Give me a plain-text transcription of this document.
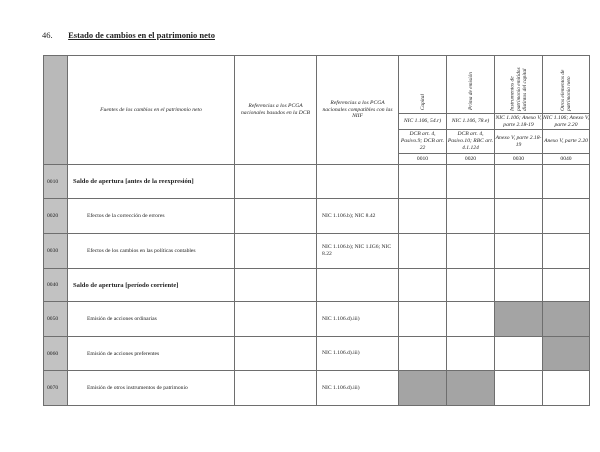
46. Estado de cambios en el patrimonio neto
	Fuentes de los cambios en el patrimonio neto	Referencias a los PCGA nacionales basados en la DCB	Referencias a los PCGA nacionales compatibles con las NIIF	Capital	Prima de emisión	Instrumentos de patrimonio emitidos distintos del capital	Otros elementos de patrimonio neto

				NIC 1.106, 54.r)	NIC 1.106, 78.e)	NIC 1.106; Anexo V, parte 2.18-19	NIC 1.106; Anexo V, parte 2.20
				DCB art. 4, Pasivo.9; DCB art. 22	DCB art. 4, Pasivo.10; RBC art. 4.1.124	Anexo V, parte 2.18-19	Anexo V, parte 2.20
				0010	0020	0030	0040
0010	Saldo de apertura [antes de la reexpresión]						
0020	Efectos de la corrección de errores		NIC 1.106.b); NIC 8.42				
0030	Efectos de los cambios en las políticas contables		NIC 1.106.b); NIC 1.IG6; NIC 8.22				
0040	Saldo de apertura [período corriente]						
0050	Emisión de acciones ordinarias		NIC 1.106.d).iii)				
0060	Emisión de acciones preferentes		NIC 1.106.d).iii)				
0070	Emisión de otros instrumentos de patrimonio		NIC 1.106.d).iii)				
